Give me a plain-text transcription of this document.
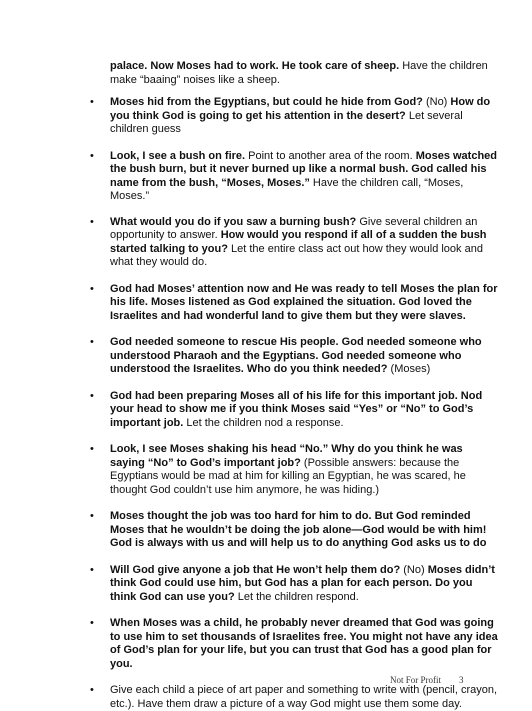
palace. Now Moses had to work. He took care of sheep. Have the children make “baaing” noises like a sheep.
•	Moses hid from the Egyptians, but could he hide from God? (No) How do you think God is going to get his attention in the desert? Let several children guess
•	Look, I see a bush on fire. Point to another area of the room. Moses watched the bush burn, but it never burned up like a normal bush. God called his name from the bush, “Moses, Moses.” Have the children call, “Moses, Moses.”
•	What would you do if you saw a burning bush? Give several children an opportunity to answer. How would you respond if all of a sudden the bush started talking to you? Let the entire class act out how they would look and what they would do.
•	God had Moses’ attention now and He was ready to tell Moses the plan for his life. Moses listened as God explained the situation. God loved the Israelites and had wonderful land to give them but they were slaves.
•	God needed someone to rescue His people. God needed someone who understood Pharaoh and the Egyptians. God needed someone who understood the Israelites. Who do you think needed? (Moses)
•	God had been preparing Moses all of his life for this important job. Nod your head to show me if you think Moses said “Yes” or “No” to God’s important job. Let the children nod a response.
•	Look, I see Moses shaking his head “No.” Why do you think he was saying “No” to God’s important job? (Possible answers: because the Egyptians would be mad at him for killing an Egyptian, he was scared, he thought God couldn’t use him anymore, he was hiding.)
•	Moses thought the job was too hard for him to do. But God reminded Moses that he wouldn’t be doing the job alone—God would be with him! God is always with us and will help us to do anything God asks us to do
•	Will God give anyone a job that He won’t help them do? (No) Moses didn’t think God could use him, but God has a plan for each person. Do you think God can use you? Let the children respond.
•	When Moses was a child, he probably never dreamed that God was going to use him to set thousands of Israelites free. You might not have any idea of God’s plan for your life, but you can trust that God has a good plan for you.
•	Give each child a piece of art paper and something to write with (pencil, crayon, etc.). Have them draw a picture of a way God might use them some day.
Not For Profit 3
